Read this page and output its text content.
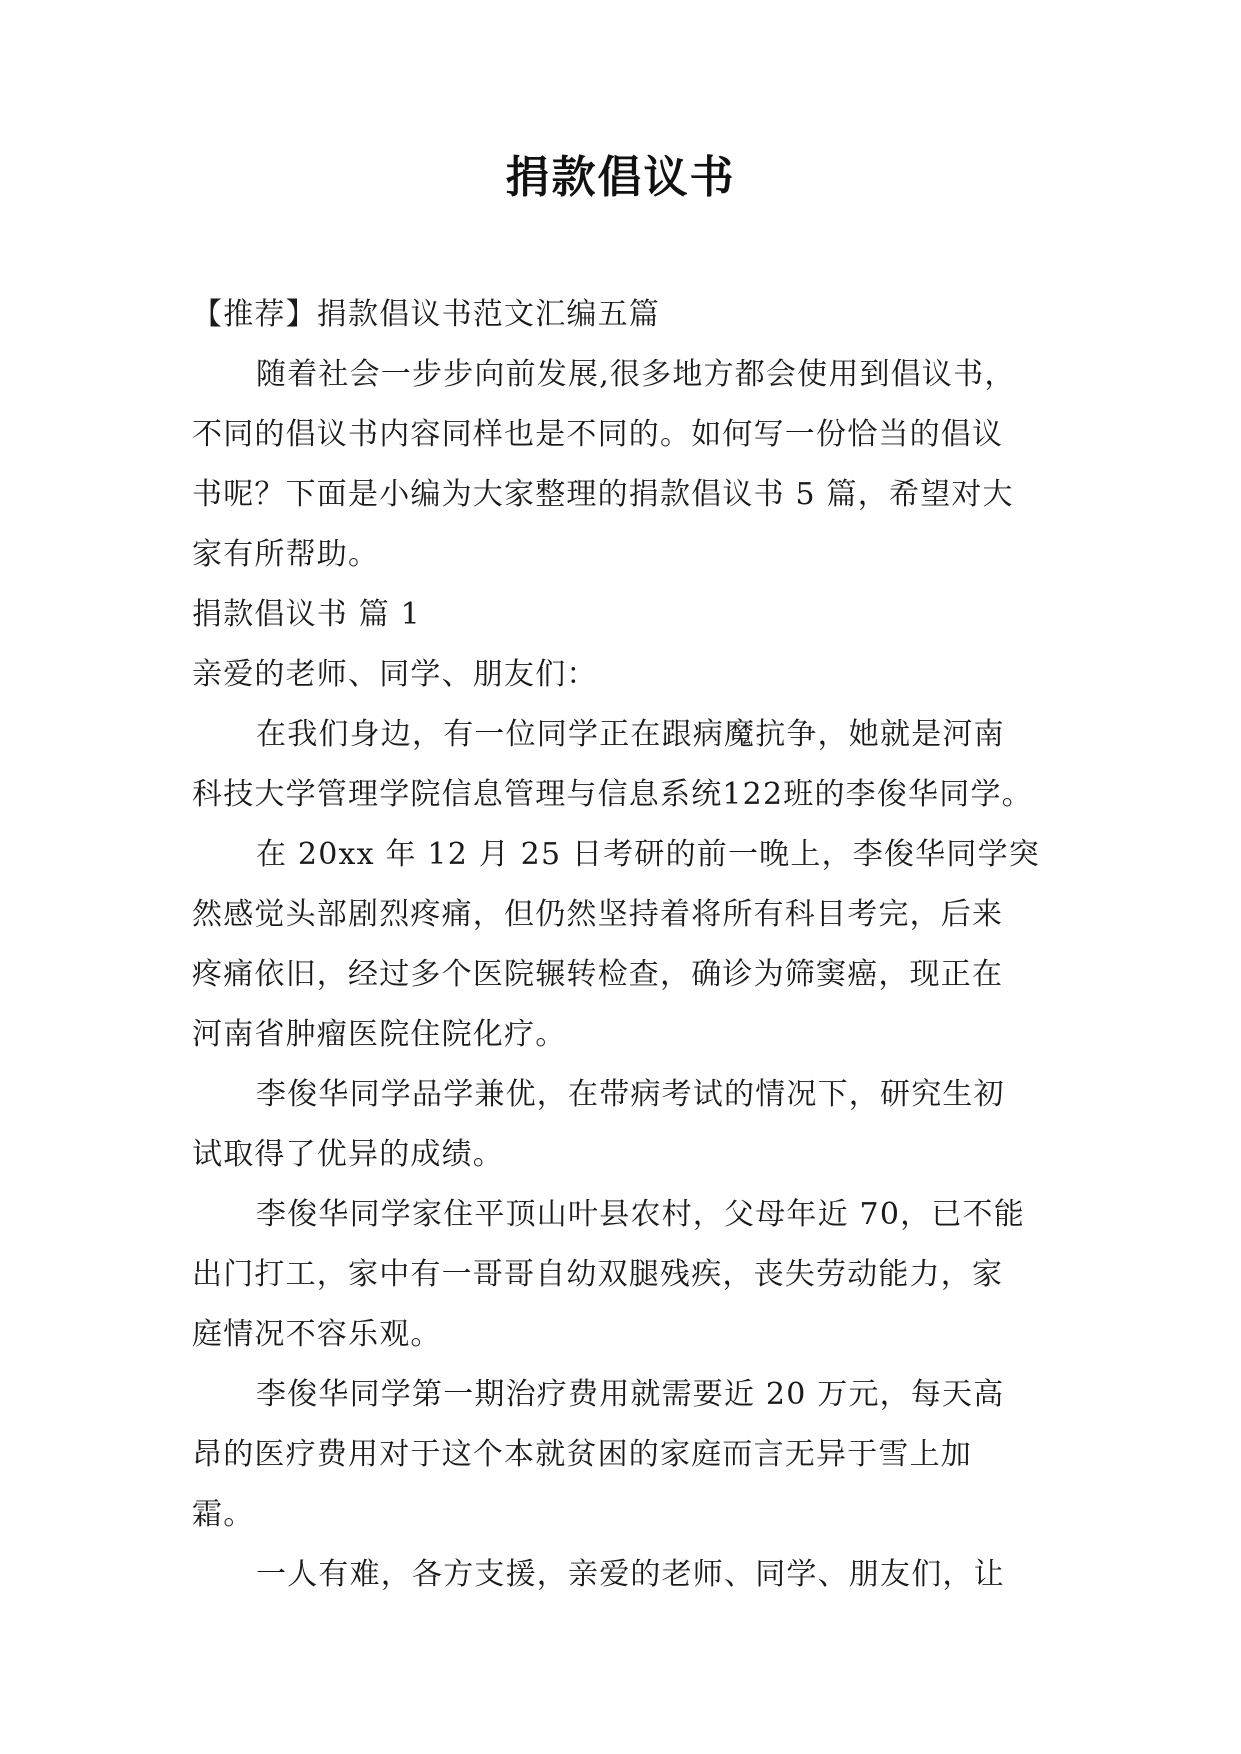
捐款倡议书
【推荐】捐款倡议书范文汇编五篇
随着社会一步步向前发展,很多地方都会使用到倡议书，
不同的倡议书内容同样也是不同的。如何写一份恰当的倡议
书呢？下面是小编为大家整理的捐款倡议书 5 篇，希望对大
家有所帮助。
捐款倡议书 篇 1
亲爱的老师、同学、朋友们：
在我们身边，有一位同学正在跟病魔抗争，她就是河南
科技大学管理学院信息管理与信息系统122班的李俊华同学。
在 20xx 年 12 月 25 日考研的前一晚上，李俊华同学突
然感觉头部剧烈疼痛，但仍然坚持着将所有科目考完，后来
疼痛依旧，经过多个医院辗转检查，确诊为筛窦癌，现正在
河南省肿瘤医院住院化疗。
李俊华同学品学兼优，在带病考试的情况下，研究生初
试取得了优异的成绩。
李俊华同学家住平顶山叶县农村，父母年近 70，已不能
出门打工，家中有一哥哥自幼双腿残疾，丧失劳动能力，家
庭情况不容乐观。
李俊华同学第一期治疗费用就需要近 20 万元，每天高
昂的医疗费用对于这个本就贫困的家庭而言无异于雪上加
霜。
一人有难，各方支援，亲爱的老师、同学、朋友们，让
